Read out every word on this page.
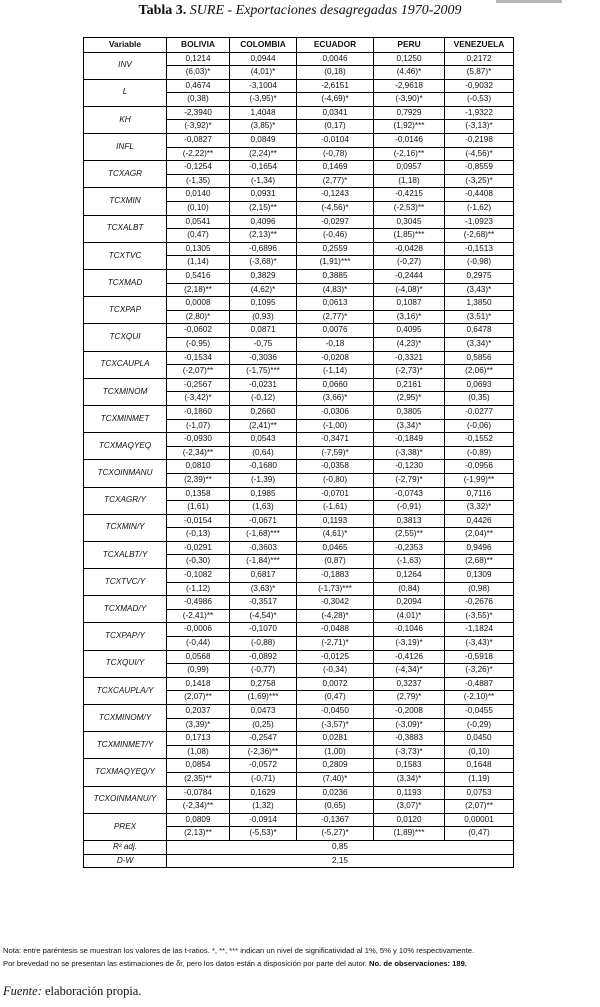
Tabla 3. SURE - Exportaciones desagregadas 1970-2009
Variable	BOLIVIA	COLOMBIA	ECUADOR	PERU	VENEZUELA
INV	0,1214	0,0944	0,0046	0,1250	0,2172
	(6,03)*	(4,01)*	(0,18)	(4,46)*	(5,87)*
L	0,4674	-3,1004	-2,6151	-2,9618	-0,9032
	(0,38)	(-3,95)*	(-4,69)*	(-3,90)*	(-0,53)
KH	-2,3940	1,4048	0,0341	0,7929	-1,9322
	(-3,92)*	(3,85)*	(0,17)	(1,92)***	(-3,13)*
INFL	-0,0827	0,0849	-0,0104	-0,0146	-0,2198
	(-2,22)**	(2,24)**	(-0,78)	(-2,16)**	(-4,56)*
TCXAGR	-0,1254	-0,1654	0,1469	0,0957	-0,8559
	(-1,35)	(-1,34)	(2,77)*	(1,18)	(-3,25)*
TCXMIN	0,0140	0,0931	-0,1243	-0,4215	-0,4408
	(0,10)	(2,15)**	(-4,56)*	(-2,53)**	(-1,62)
TCXALBT	0,0541	0,4096	-0,0297	0,3045	-1,0923
	(0,47)	(2,13)**	(-0,46)	(1,85)***	(-2,68)**
TCXTVC	0,1305	-0,6896	0,2559	-0,0428	-0,1513
	(1,14)	(-3,68)*	(1,91)***	(-0,27)	(-0,98)
TCXMAD	0,5416	0,3829	0,3885	-0,2444	0,2975
	(2,18)**	(4,62)*	(4,83)*	(-4,08)*	(3,43)*
TCXPAP	0,0008	0,1095	0,0613	0,1087	1,3850
	(2,80)*	(0,93)	(2,77)*	(3,16)*	(3,51)*
TCXQUI	-0,0602	0,0871	0,0076	0,4095	0,6478
	(-0,95)	-0,75	-0,18	(4,23)*	(3,34)*
TCXCAUPLA	-0,1534	-0,3036	-0,0208	-0,3321	0,5856
	(-2,07)**	(-1,75)***	(-1,14)	(-2,73)*	(2,06)**
TCXMINOM	-0,2567	-0,0231	0,0660	0,2161	0,0693
	(-3,42)*	(-0,12)	(3,66)*	(2,95)*	(0,35)
TCXMINMET	-0,1860	0,2660	-0,0306	0,3805	-0,0277
	(-1,07)	(2,41)**	(-1,00)	(3,34)*	(-0,06)
TCXMAQYEQ	-0,0930	0,0543	-0,3471	-0,1849	-0,1552
	(-2,34)**	(0,64)	(-7,59)*	(-3,38)*	(-0,89)
TCXOINMANU	0,0810	-0,1680	-0,0358	-0,1230	-0,0956
	(2,39)**	(-1,39)	(-0,80)	(-2,79)*	(-1,99)**
TCXAGR/Y	0,1358	0,1985	-0,0701	-0,0743	0,7116
	(1,61)	(1,63)	(-1,61)	(-0,91)	(3,32)*
TCXMIN/Y	-0,0154	-0,0671	0,1193	0,3813	0,4426
	(-0,13)	(-1,68)***	(4,61)*	(2,55)**	(2,04)**
TCXALBT/Y	-0,0291	-0,3603	0,0465	-0,2353	0,9496
	(-0,30)	(-1,84)***	(0,87)	(-1,63)	(2,68)**
TCXTVC/Y	-0,1082	0,6817	-0,1883	0,1264	0,1309
	(-1,12)	(3,63)*	(-1,73)***	(0,84)	(0,98)
TCXMAD/Y	-0,4986	-0,3517	-0,3042	0,2094	-0,2676
	(-2,41)**	(-4,54)*	(-4,28)*	(4,01)*	(-3,55)*
TCXPAP/Y	-0,0006	-0,1070	-0,0488	-0,1046	-1,1824
	(-0,44)	(-0,88)	(-2,71)*	(-3,19)*	(-3,43)*
TCXQUI/Y	0,0568	-0,0892	-0,0125	-0,4126	-0,5918
	(0,99)	(-0,77)	(-0,34)	(-4,34)*	(-3,26)*
TCXCAUPLA/Y	0,1418	0,2758	0,0072	0,3237	-0,4887
	(2,07)**	(1,69)***	(0,47)	(2,79)*	(-2,10)**
TCXMINOM/Y	0,2037	0,0473	-0,0450	-0,2008	-0,0455
	(3,39)*	(0,25)	(-3,57)*	(-3,09)*	(-0,29)
TCXMINMET/Y	0,1713	-0,2547	0,0281	-0,3883	0,0450
	(1,08)	(-2,36)**	(1,00)	(-3,73)*	(0,10)
TCXMAQYEQ/Y	0,0854	-0,0572	0,2809	0,1583	0,1648
	(2,35)**	(-0,71)	(7,40)*	(3,34)*	(1,19)
TCXOINMANU/Y	-0,0784	0,1629	0,0236	0,1193	0,0753
	(-2,34)**	(1,32)	(0,65)	(3,07)*	(2,07)**
PREX	0,0809	-0,0914	-0,1367	0,0120	0,00001
	(2,13)**	(-5,53)*	(-5,27)*	(1,89)***	(0,47)
R² adj.	0,85				
D-W	2,15				
Nota: entre paréntesis se muestran los valores de las t-ratios. *, **, *** indican un nivel de significatividad al 1%, 5% y 10% respectivamente.
Por brevedad no se presentan las estimaciones de δr, pero los datos están a disposición por parte del autor. No. de observaciones: 189.
Fuente: elaboración propia.
